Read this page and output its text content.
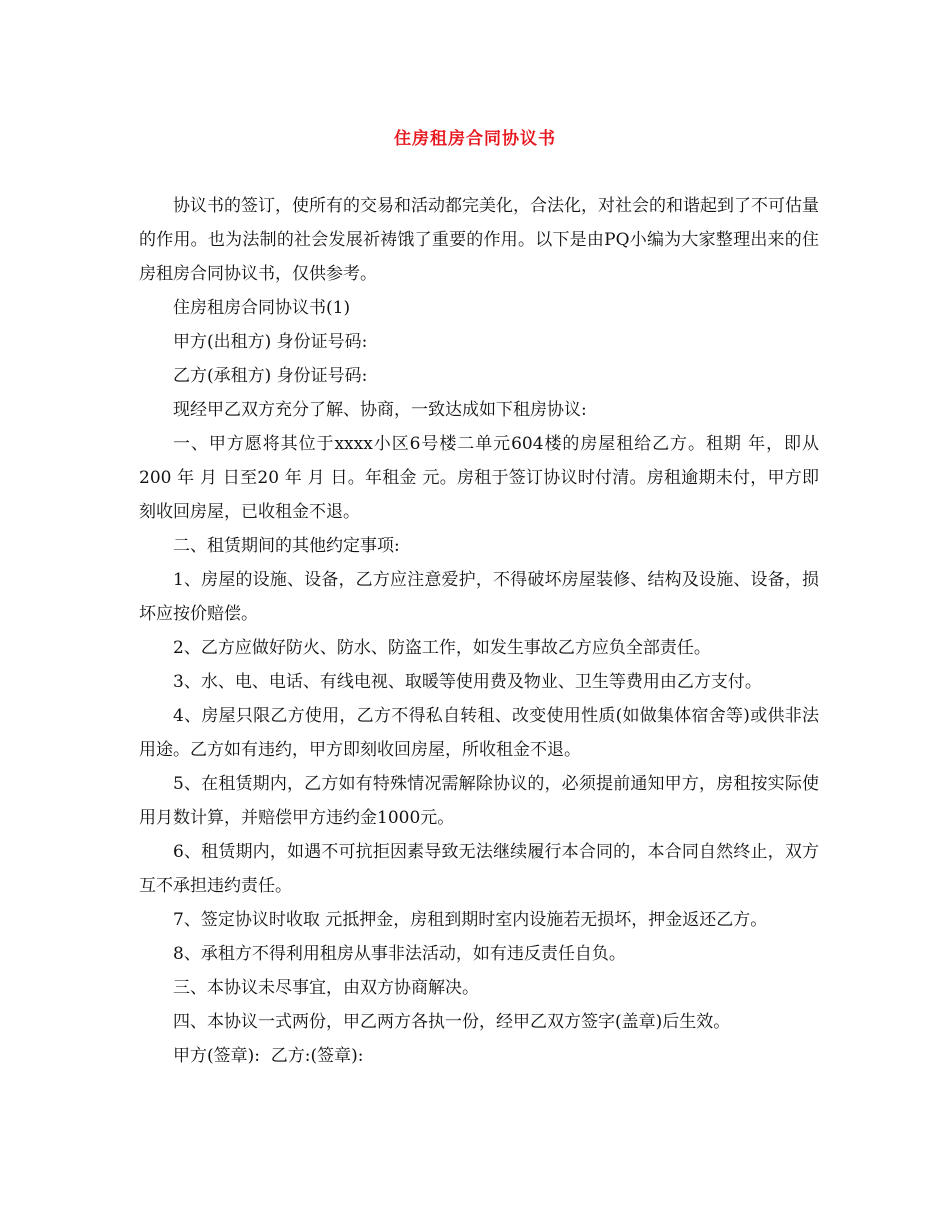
住房租房合同协议书

协议书的签订，使所有的交易和活动都完美化，合法化，对社会的和谐起到了不可估量的作用。也为法制的社会发展祈祷饿了重要的作用。以下是由PQ小编为大家整理出来的住房租房合同协议书，仅供参考。

住房租房合同协议书(1)

甲方(出租方) 身份证号码:

乙方(承租方) 身份证号码:

现经甲乙双方充分了解、协商，一致达成如下租房协议:

一、甲方愿将其位于xxxx小区6号楼二单元604楼的房屋租给乙方。租期 年，即从200 年 月 日至20 年 月 日。年租金 元。房租于签订协议时付清。房租逾期未付，甲方即刻收回房屋，已收租金不退。

二、租赁期间的其他约定事项:

1、房屋的设施、设备，乙方应注意爱护，不得破坏房屋装修、结构及设施、设备，损坏应按价赔偿。

2、乙方应做好防火、防水、防盗工作，如发生事故乙方应负全部责任。

3、水、电、电话、有线电视、取暖等使用费及物业、卫生等费用由乙方支付。

4、房屋只限乙方使用，乙方不得私自转租、改变使用性质(如做集体宿舍等)或供非法用途。乙方如有违约，甲方即刻收回房屋，所收租金不退。

5、在租赁期内，乙方如有特殊情况需解除协议的，必须提前通知甲方，房租按实际使用月数计算，并赔偿甲方违约金1000元。

6、租赁期内，如遇不可抗拒因素导致无法继续履行本合同的，本合同自然终止，双方互不承担违约责任。

7、签定协议时收取 元抵押金，房租到期时室内设施若无损坏，押金返还乙方。

8、承租方不得利用租房从事非法活动，如有违反责任自负。

三、本协议未尽事宜，由双方协商解决。

四、本协议一式两份，甲乙两方各执一份，经甲乙双方签字(盖章)后生效。

甲方(签章):  乙方:(签章):
